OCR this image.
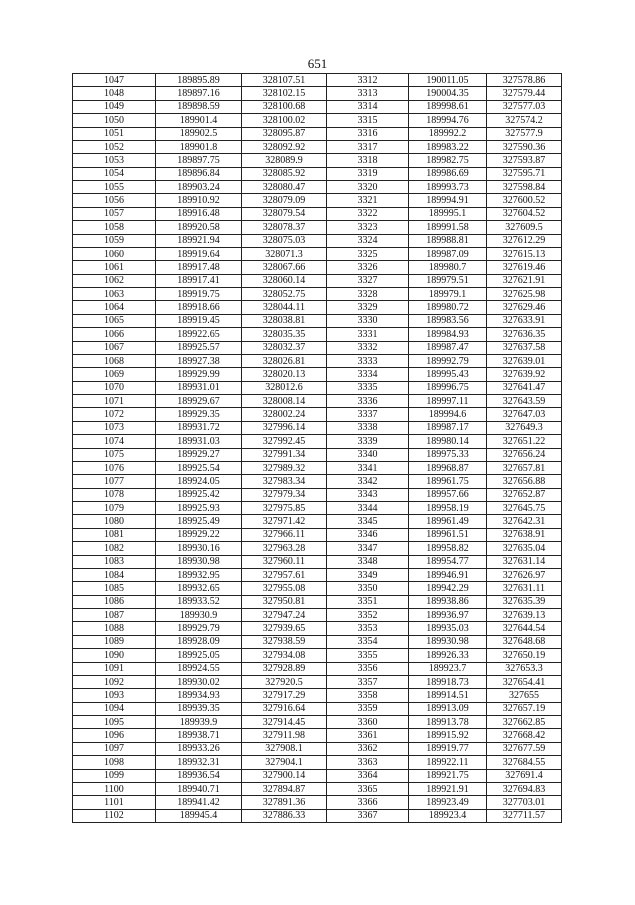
651
1047	189895.89	328107.51	3312	190011.05	327578.86
1048	189897.16	328102.15	3313	190004.35	327579.44
1049	189898.59	328100.68	3314	189998.61	327577.03
1050	189901.4	328100.02	3315	189994.76	327574.2
1051	189902.5	328095.87	3316	189992.2	327577.9
1052	189901.8	328092.92	3317	189983.22	327590.36
1053	189897.75	328089.9	3318	189982.75	327593.87
1054	189896.84	328085.92	3319	189986.69	327595.71
1055	189903.24	328080.47	3320	189993.73	327598.84
1056	189910.92	328079.09	3321	189994.91	327600.52
1057	189916.48	328079.54	3322	189995.1	327604.52
1058	189920.58	328078.37	3323	189991.58	327609.5
1059	189921.94	328075.03	3324	189988.81	327612.29
1060	189919.64	328071.3	3325	189987.09	327615.13
1061	189917.48	328067.66	3326	189980.7	327619.46
1062	189917.41	328060.14	3327	189979.51	327621.91
1063	189919.75	328052.75	3328	189979.1	327625.98
1064	189918.66	328044.11	3329	189980.72	327629.46
1065	189919.45	328038.81	3330	189983.56	327633.91
1066	189922.65	328035.35	3331	189984.93	327636.35
1067	189925.57	328032.37	3332	189987.47	327637.58
1068	189927.38	328026.81	3333	189992.79	327639.01
1069	189929.99	328020.13	3334	189995.43	327639.92
1070	189931.01	328012.6	3335	189996.75	327641.47
1071	189929.67	328008.14	3336	189997.11	327643.59
1072	189929.35	328002.24	3337	189994.6	327647.03
1073	189931.72	327996.14	3338	189987.17	327649.3
1074	189931.03	327992.45	3339	189980.14	327651.22
1075	189929.27	327991.34	3340	189975.33	327656.24
1076	189925.54	327989.32	3341	189968.87	327657.81
1077	189924.05	327983.34	3342	189961.75	327656.88
1078	189925.42	327979.34	3343	189957.66	327652.87
1079	189925.93	327975.85	3344	189958.19	327645.75
1080	189925.49	327971.42	3345	189961.49	327642.31
1081	189929.22	327966.11	3346	189961.51	327638.91
1082	189930.16	327963.28	3347	189958.82	327635.04
1083	189930.98	327960.11	3348	189954.77	327631.14
1084	189932.95	327957.61	3349	189946.91	327626.97
1085	189932.65	327955.08	3350	189942.29	327631.11
1086	189933.52	327950.81	3351	189938.86	327635.39
1087	189930.9	327947.24	3352	189936.97	327639.13
1088	189929.79	327939.65	3353	189935.03	327644.54
1089	189928.09	327938.59	3354	189930.98	327648.68
1090	189925.05	327934.08	3355	189926.33	327650.19
1091	189924.55	327928.89	3356	189923.7	327653.3
1092	189930.02	327920.5	3357	189918.73	327654.41
1093	189934.93	327917.29	3358	189914.51	327655
1094	189939.35	327916.64	3359	189913.09	327657.19
1095	189939.9	327914.45	3360	189913.78	327662.85
1096	189938.71	327911.98	3361	189915.92	327668.42
1097	189933.26	327908.1	3362	189919.77	327677.59
1098	189932.31	327904.1	3363	189922.11	327684.55
1099	189936.54	327900.14	3364	189921.75	327691.4
1100	189940.71	327894.87	3365	189921.91	327694.83
1101	189941.42	327891.36	3366	189923.49	327703.01
1102	189945.4	327886.33	3367	189923.4	327711.57
